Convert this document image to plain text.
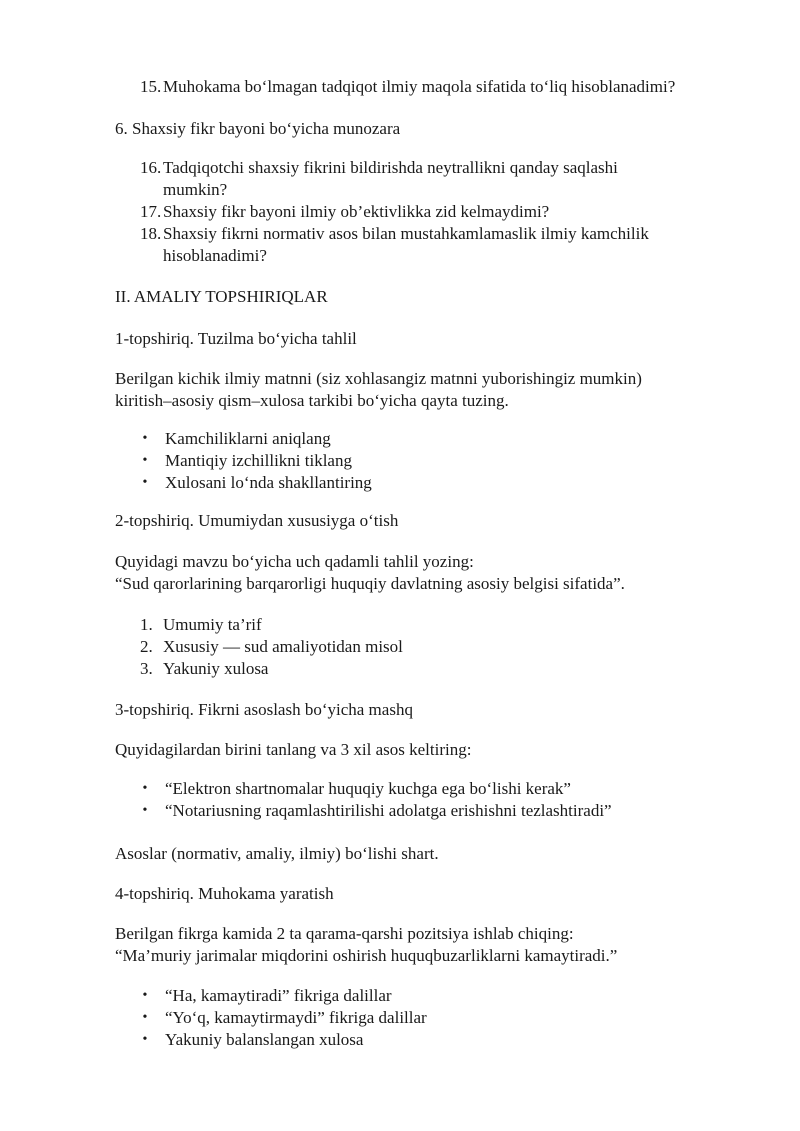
15. Muhokama bo‘lmagan tadqiqot ilmiy maqola sifatida to‘liq hisoblanadimi?

6. Shaxsiy fikr bayoni bo‘yicha munozara

16. Tadqiqotchi shaxsiy fikrini bildirishda neytrallikni qanday saqlashi mumkin?
17. Shaxsiy fikr bayoni ilmiy ob’ektivlikka zid kelmaydimi?
18. Shaxsiy fikrni normativ asos bilan mustahkamlamaslik ilmiy kamchilik hisoblanadimi?

II. AMALIY TOPSHIRIQLAR

1-topshiriq. Tuzilma bo‘yicha tahlil

Berilgan kichik ilmiy matnni (siz xohlasangiz matnni yuborishingiz mumkin)

kiritish–asosiy qism–xulosa tarkibi bo‘yicha qayta tuzing.

•	Kamchiliklarni aniqlang
•	Mantiqiy izchillikni tiklang
•	Xulosani lo‘nda shakllantiring

2-topshiriq. Umumiydan xususiyga o‘tish

Quyidagi mavzu bo‘yicha uch qadamli tahlil yozing:

“Sud qarorlarining barqarorligi huquqiy davlatning asosiy belgisi sifatida”.

1. Umumiy ta’rif
2. Xususiy — sud amaliyotidan misol
3. Yakuniy xulosa

3-topshiriq. Fikrni asoslash bo‘yicha mashq

Quyidagilardan birini tanlang va 3 xil asos keltiring:

•	“Elektron shartnomalar huquqiy kuchga ega bo‘lishi kerak”
•	“Notariusning raqamlashtirilishi adolatga erishishni tezlashtiradi”

Asoslar (normativ, amaliy, ilmiy) bo‘lishi shart.

4-topshiriq. Muhokama yaratish

Berilgan fikrga kamida 2 ta qarama-qarshi pozitsiya ishlab chiqing:

“Ma’muriy jarimalar miqdorini oshirish huquqbuzarliklarni kamaytiradi.”

•	“Ha, kamaytiradi” fikriga dalillar
•	“Yo‘q, kamaytirmaydi” fikriga dalillar
•	Yakuniy balanslangan xulosa
